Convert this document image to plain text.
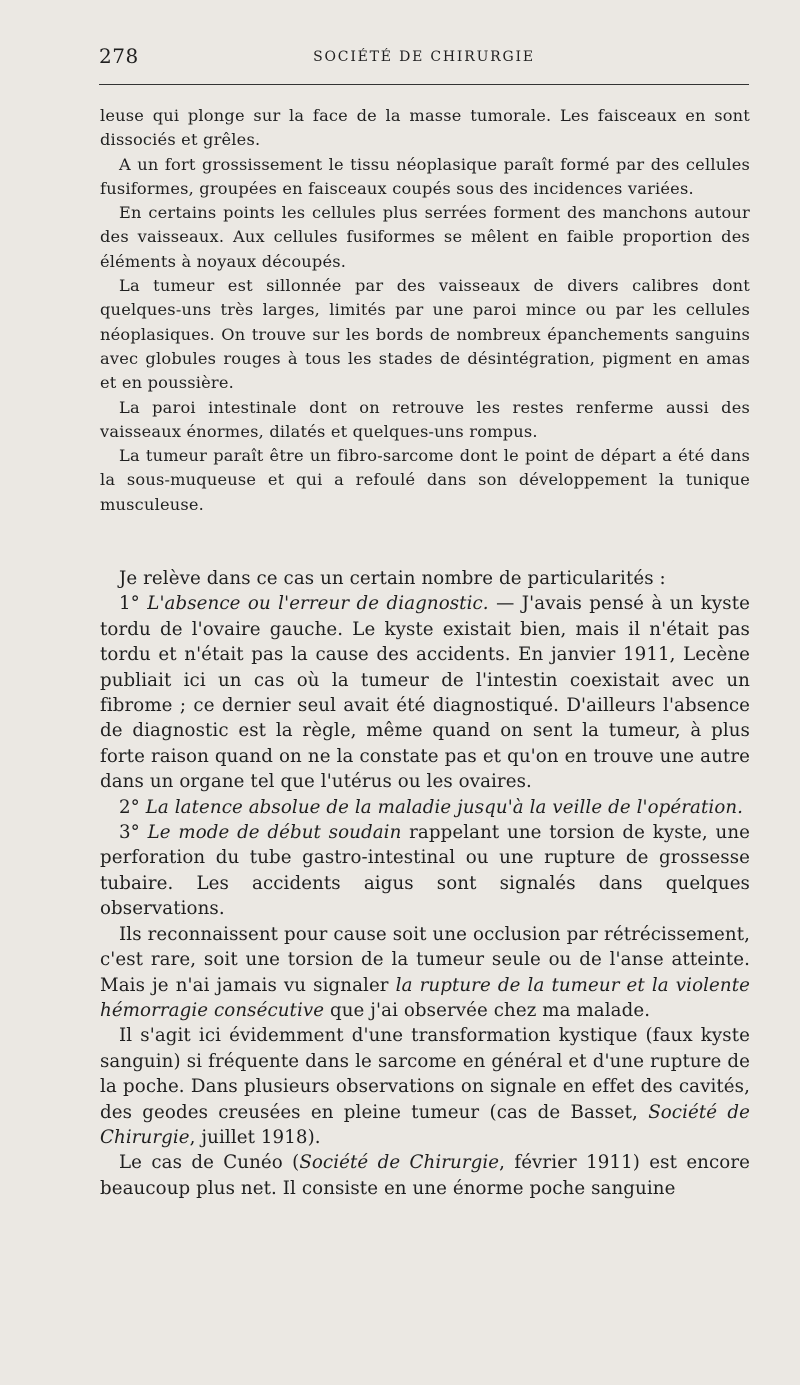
278	SOCIÉTÉ DE CHIRURGIE

leuse qui plonge sur la face de la masse tumorale. Les faisceaux en sont dissociés et grêles.

A un fort grossissement le tissu néoplasique paraît formé par des cellules fusiformes, groupées en faisceaux coupés sous des incidences variées.

En certains points les cellules plus serrées forment des manchons autour des vaisseaux. Aux cellules fusiformes se mêlent en faible proportion des éléments à noyaux découpés.

La tumeur est sillonnée par des vaisseaux de divers calibres dont quelques-uns très larges, limités par une paroi mince ou par les cellules néoplasiques. On trouve sur les bords de nombreux épanchements sanguins avec globules rouges à tous les stades de désintégration, pigment en amas et en poussière.

La paroi intestinale dont on retrouve les restes renferme aussi des vaisseaux énormes, dilatés et quelques-uns rompus.

La tumeur paraît être un fibro-sarcome dont le point de départ a été dans la sous-muqueuse et qui a refoulé dans son développement la tunique musculeuse.

Je relève dans ce cas un certain nombre de particularités :

1° L'absence ou l'erreur de diagnostic. — J'avais pensé à un kyste tordu de l'ovaire gauche. Le kyste existait bien, mais il n'était pas tordu et n'était pas la cause des accidents. En janvier 1911, Lecène publiait ici un cas où la tumeur de l'intestin coexistait avec un fibrome ; ce dernier seul avait été diagnostiqué. D'ailleurs l'absence de diagnostic est la règle, même quand on sent la tumeur, à plus forte raison quand on ne la constate pas et qu'on en trouve une autre dans un organe tel que l'utérus ou les ovaires.

2° La latence absolue de la maladie jusqu'à la veille de l'opération.

3° Le mode de début soudain rappelant une torsion de kyste, une perforation du tube gastro-intestinal ou une rupture de grossesse tubaire. Les accidents aigus sont signalés dans quelques observations.

Ils reconnaissent pour cause soit une occlusion par rétrécissement, c'est rare, soit une torsion de la tumeur seule ou de l'anse atteinte. Mais je n'ai jamais vu signaler la rupture de la tumeur et la violente hémorragie consécutive que j'ai observée chez ma malade.

Il s'agit ici évidemment d'une transformation kystique (faux kyste sanguin) si fréquente dans le sarcome en général et d'une rupture de la poche. Dans plusieurs observations on signale en effet des cavités, des geodes creusées en pleine tumeur (cas de Basset, Société de Chirurgie, juillet 1918).

Le cas de Cunéo (Société de Chirurgie, février 1911) est encore beaucoup plus net. Il consiste en une énorme poche sanguine
